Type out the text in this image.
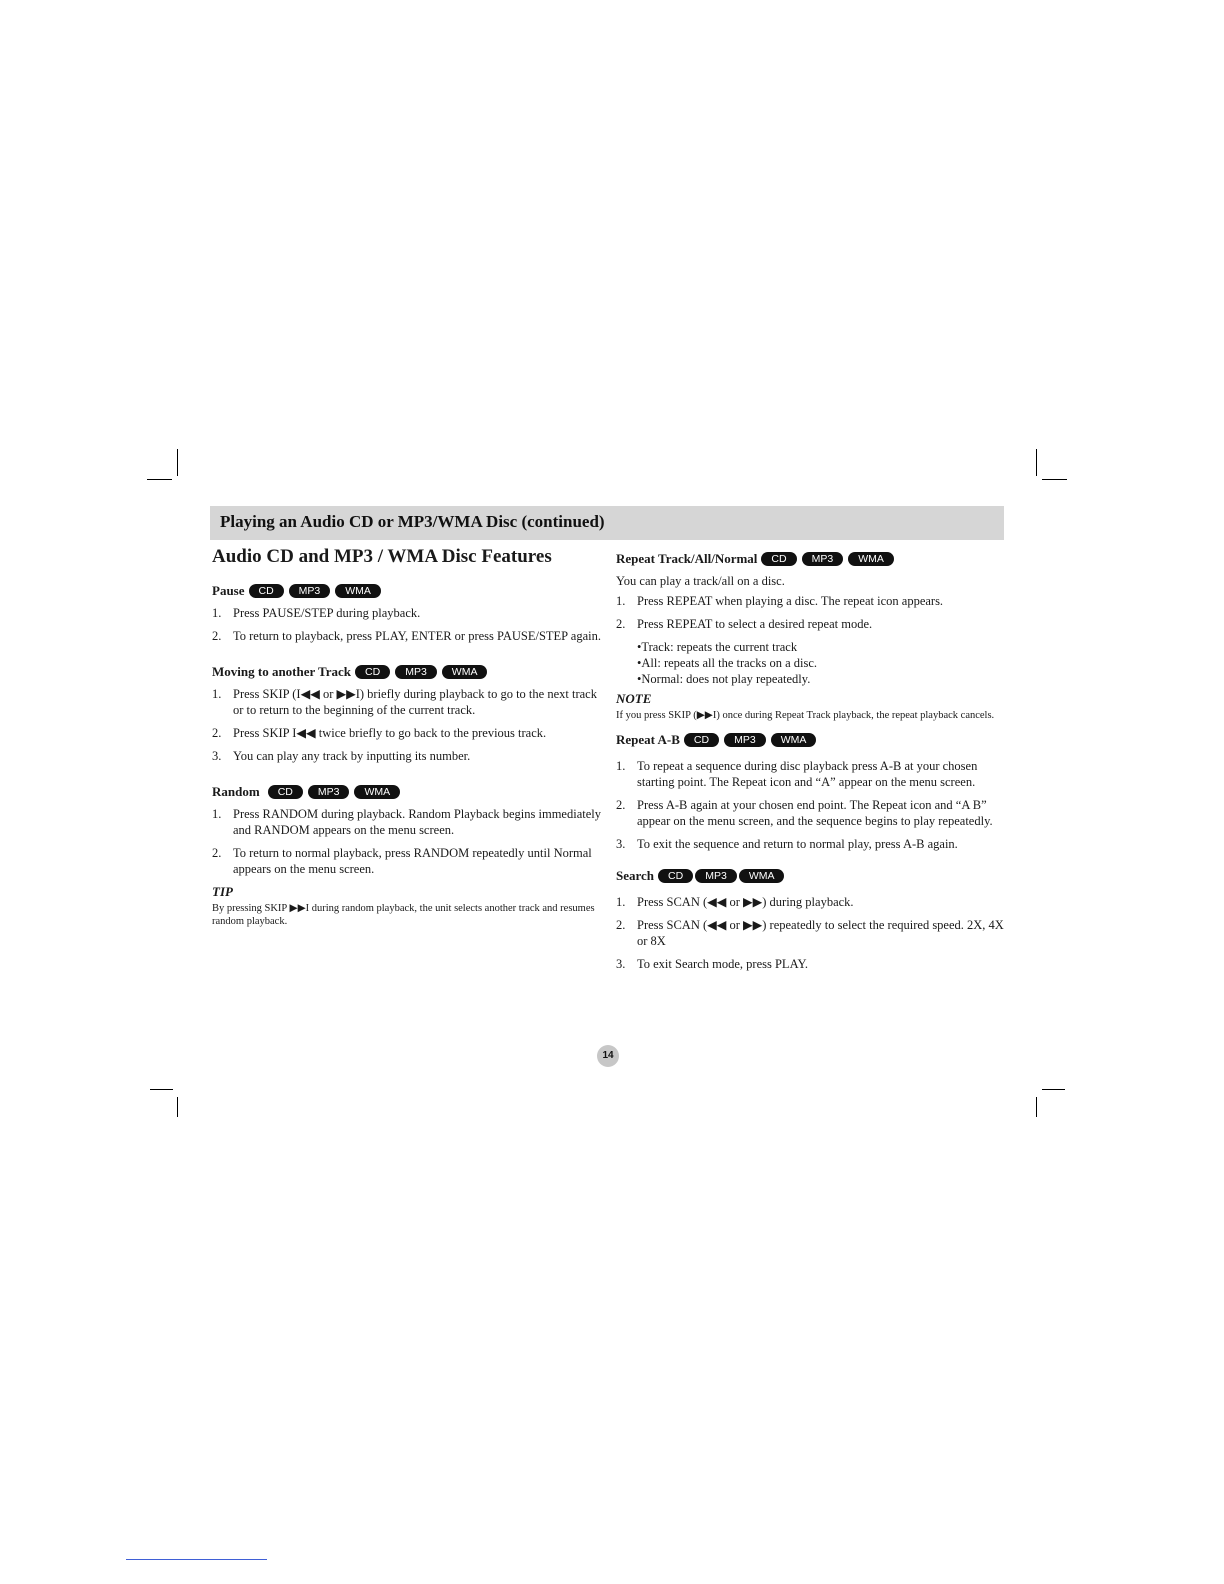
Playing an Audio CD or MP3/WMA Disc (continued)
Audio CD and MP3 / WMA Disc Features
Pause	CD	MP3	WMA
1. Press PAUSE/STEP during playback.
2. To return to playback, press PLAY, ENTER or press PAUSE/STEP again.
Moving to another Track	CD	MP3	WMA
1. Press SKIP (I◀◀ or ▶▶I) briefly during playback to go to the next track or to return to the beginning of the current track.
2. Press SKIP I◀◀ twice briefly to go back to the previous track.
3. You can play any track by inputting its number.
Random	CD	MP3	WMA
1. Press RANDOM during playback. Random Playback begins immediately and RANDOM appears on the menu screen.
2. To return to normal playback, press RANDOM repeatedly until Normal appears on the menu screen.
TIP
By pressing SKIP ▶▶I during random playback, the unit selects another track and resumes random playback.
Repeat Track/All/Normal	CD	MP3	WMA

You can play a track/all on a disc.

1. Press REPEAT when playing a disc. The repeat icon appears.
2. Press REPEAT to select a desired repeat mode.
• Track: repeats the current track
• All: repeats all the tracks on a disc.
• Normal: does not play repeatedly.
NOTE
If you press SKIP (▶▶I) once during Repeat Track playback, the repeat playback cancels.
Repeat A-B	CD	MP3	WMA
1. To repeat a sequence during disc playback press A-B at your chosen starting point. The Repeat icon and “A” appear on the menu screen.
2. Press A-B again at your chosen end point. The Repeat icon and “A B” appear on the menu screen, and the sequence begins to play repeatedly.
3. To exit the sequence and return to normal play, press A-B again.
Search	CD	MP3	WMA
1. Press SCAN (◀◀ or ▶▶) during playback.
2. Press SCAN (◀◀ or ▶▶) repeatedly to select the required speed. 2X, 4X or 8X
3. To exit Search mode, press PLAY.
14
